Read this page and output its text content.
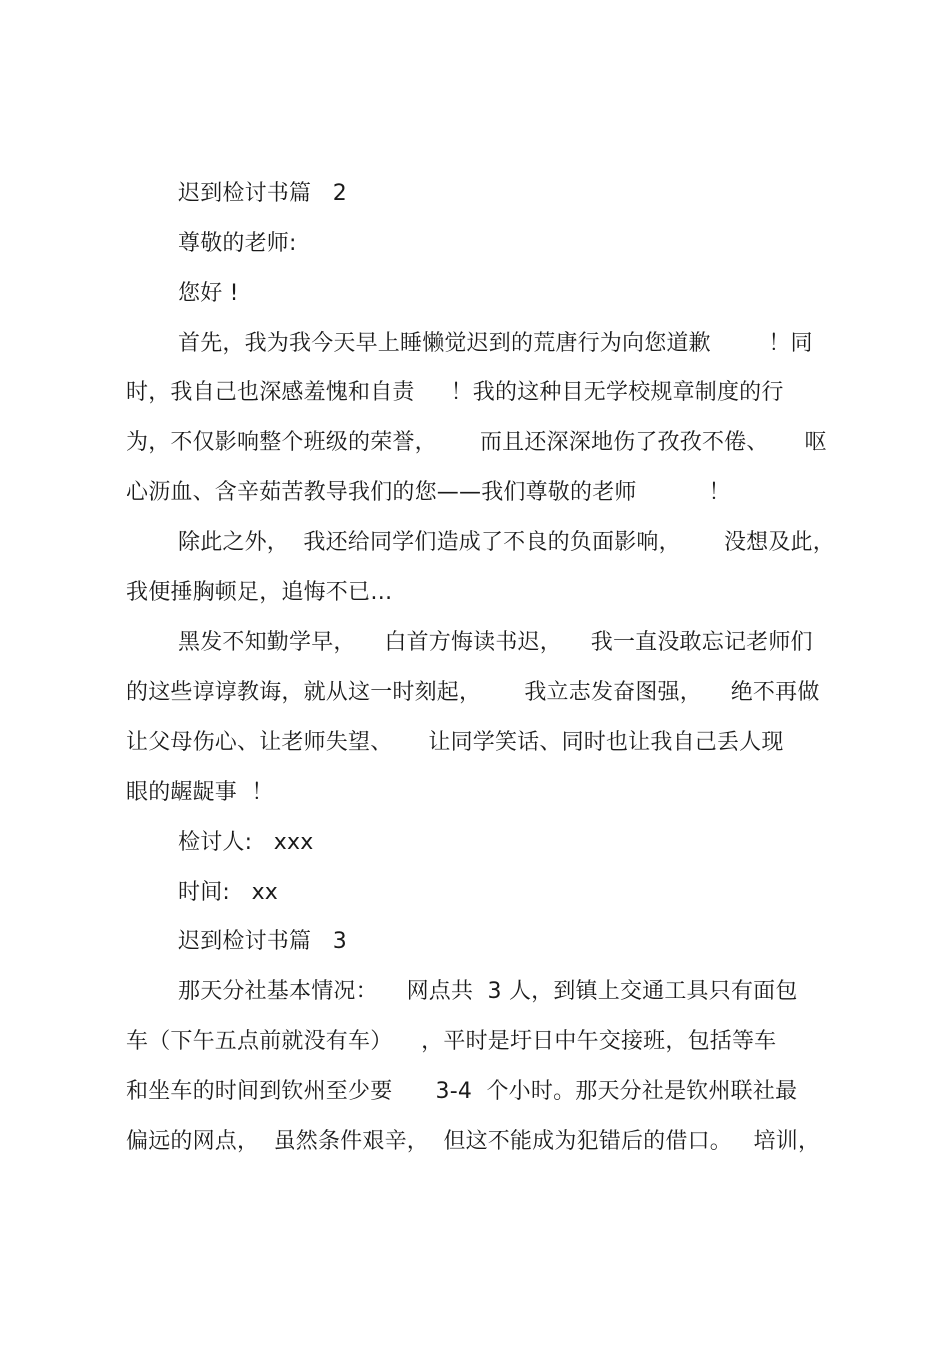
迟到检讨书篇   2
尊敬的老师:
您好 !
首先，我为我今天早上睡懒觉迟到的荒唐行为向您道歉        ！同
时，我自己也深感羞愧和自责     ！我的这种目无学校规章制度的行
为，不仅影响整个班级的荣誉，      而且还深深地伤了孜孜不倦、     呕
心沥血、含辛茹苦教导我们的您——我们尊敬的老师          ！
除此之外，  我还给同学们造成了不良的负面影响，      没想及此，
我便捶胸顿足，追悔不已…
黑发不知勤学早，    白首方悔读书迟，    我一直没敢忘记老师们
的这些谆谆教诲，就从这一时刻起，      我立志发奋图强，    绝不再做
让父母伤心、让老师失望、     让同学笑话、同时也让我自己丢人现
眼的龌龊事  ！
检讨人:   xxx
时间:   xx
迟到检讨书篇   3
那天分社基本情况：    网点共  3 人，到镇上交通工具只有面包
车（下午五点前就没有车）    ，平时是圩日中午交接班，包括等车
和坐车的时间到钦州至少要      3-4  个小时。那天分社是钦州联社最
偏远的网点，  虽然条件艰辛，  但这不能成为犯错后的借口。   培训，
